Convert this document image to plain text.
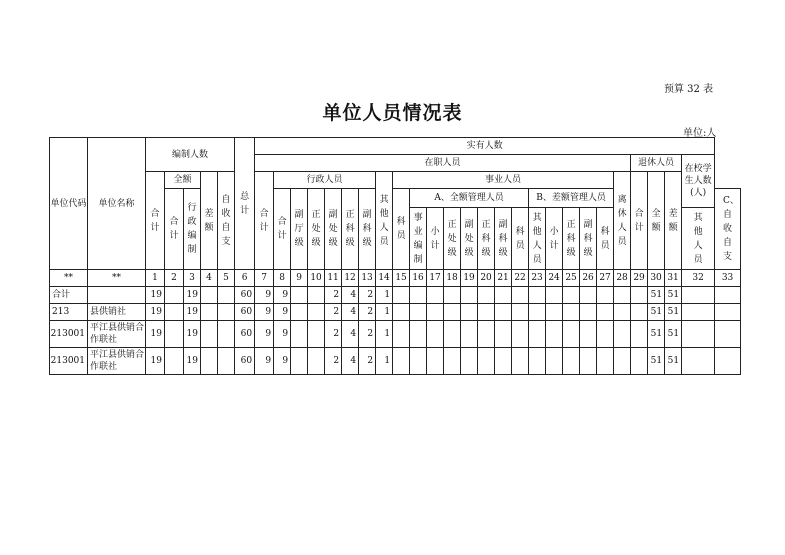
预算 32 表
单位人员情况表
单位:人
单位代码	单位名称	编制人数					总计	实有人数																										
								在职人员																						退休人员			在校学生人数(人)	
		合计	全额		差额	自收自支		合计	行政人员						其他人员	事业人员													离休人员	合计	全额	差额		
			合计	行政编制					合计	副厅级	正处级	副处级	正科级	副科级		科员	A、全额管理人员							B、差额管理人员										C、自收自支
																	事业编制	小计	正处级	副处级	正科级	副科级	科员	其他人员	小计	正科级	副科级	科员					其他人员	
**	**	1	2	3	4	5	6	7	8	9	10	11	12	13	14	15	16	17	18	19	20	21	22	23	24	25	26	27	28	29	30	31	32	33
合计		19		19			60	9	9			2	4	2	1																51	51		
213	县供销社	19		19			60	9	9			2	4	2	1																51	51		
213001	平江县供销合作联社	19		19			60	9	9			2	4	2	1																51	51		
213001	平江县供销合作联社	19		19			60	9	9			2	4	2	1																51	51		
